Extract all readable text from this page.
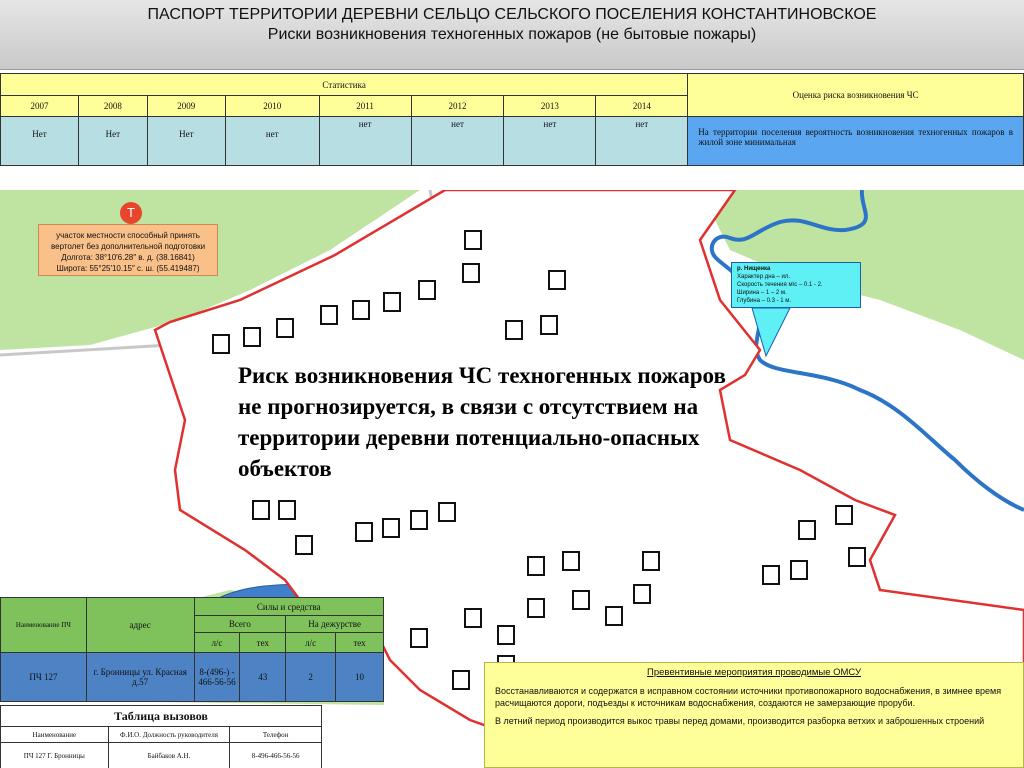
ПАСПОРТ ТЕРРИТОРИИ ДЕРЕВНИ СЕЛЬЦО СЕЛЬСКОГО ПОСЕЛЕНИЯ КОНСТАНТИНОВСКОЕ
Риски возникновения техногенных пожаров (не бытовые пожары)
Статистика								Оценка риска возникновения ЧС
2007	2008	2009	2010	2011	2012	2013	2014	
Нет	Нет	Нет	нет	нет	нет	нет	нет	На территории поселения вероятность возникновения техногенных пожаров в жилой зоне минимальная
Т
участок местности способный принять
вертолет без дополнительной подготовки
Долгота: 38°10′6.28″ в. д. (38.16841)
Широта: 55°25′10.15″ с. ш. (55.419487)	р. Нищенка
Характер дна – ил.
Скорость течения м\с – 0.1 - 2.
Ширина – 1 – 2 м.
Глубина – 0.3 - 1 м.
Риск возникновения ЧС техногенных пожаров не прогнозируется, в связи с отсутствием на территории деревни потенциально-опасных объектов
Наименование ПЧ	адрес	Силы и средства			
		Всего		На дежурстве	
		л/с	тех	л/с	тех
ПЧ 127	г. Бронницы ул. Красная д.57	8-(496-) - 466-56-56	43	2	10
Таблица вызовов		
Наименование	Ф.И.О. Должность руководителя	Телефон
ПЧ 127 Г. Бронницы	Байбаков А.Н.	8-496-466-56-56
Превентивные мероприятия проводимые ОМСУ

Восстанавливаются и содержатся в исправном состоянии источники противопожарного водоснабжения, в зимнее время расчищаются дороги, подъезды к источникам водоснабжения, создаются не замерзающие проруби.

В летний период производится выкос травы перед домами, производится разборка ветхих и заброшенных строений
